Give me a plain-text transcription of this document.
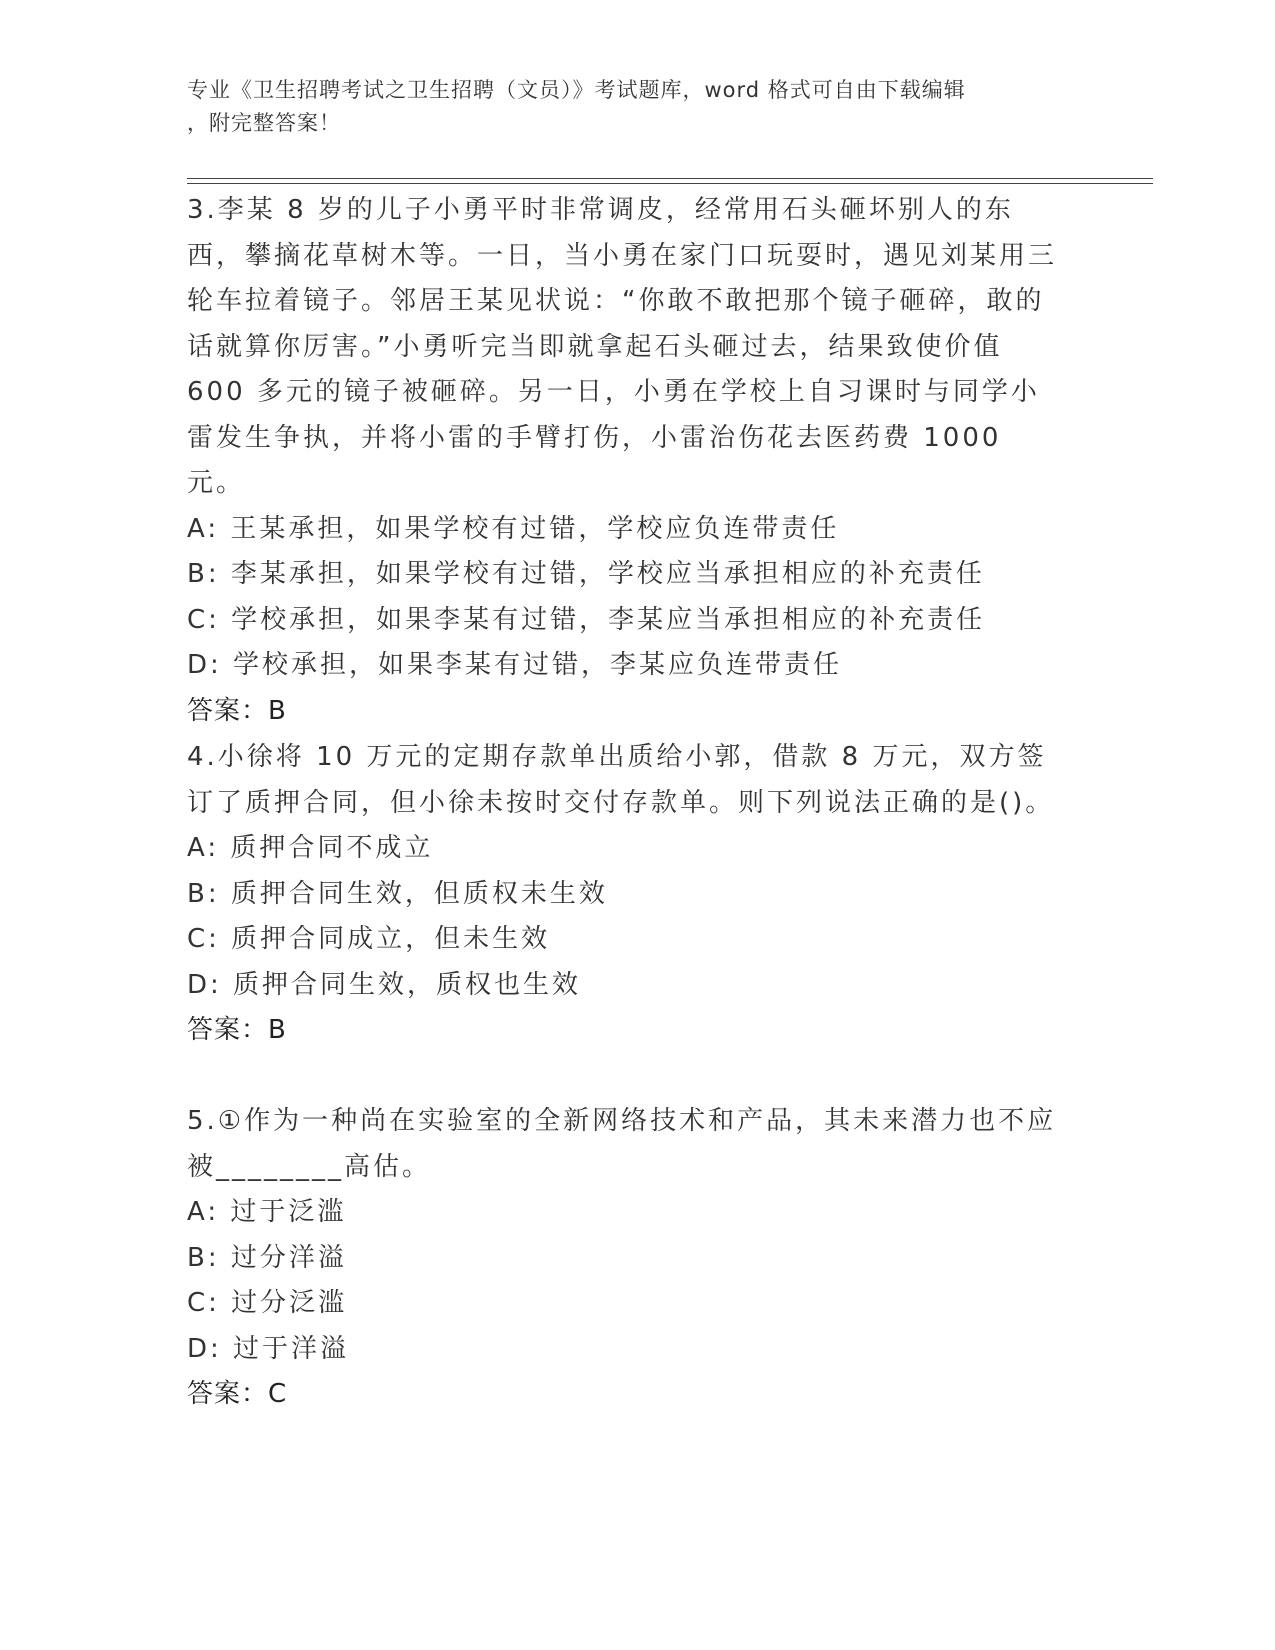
专业《卫生招聘考试之卫生招聘（文员）》考试题库，word 格式可自由下载编辑
，附完整答案！
3.李某 8 岁的儿子小勇平时非常调皮，经常用石头砸坏别人的东西，攀摘花草树木等。一日，当小勇在家门口玩耍时，遇见刘某用三轮车拉着镜子。邻居王某见状说：“你敢不敢把那个镜子砸碎，敢的话就算你厉害。”小勇听完当即就拿起石头砸过去，结果致使价值 600 多元的镜子被砸碎。另一日，小勇在学校上自习课时与同学小雷发生争执，并将小雷的手臂打伤，小雷治伤花去医药费 1000 元。
A: 王某承担，如果学校有过错，学校应负连带责任
B: 李某承担，如果学校有过错，学校应当承担相应的补充责任
C: 学校承担，如果李某有过错，李某应当承担相应的补充责任
D: 学校承担，如果李某有过错，李某应负连带责任
答案：B
4.小徐将 10 万元的定期存款单出质给小郭，借款 8 万元，双方签订了质押合同，但小徐未按时交付存款单。则下列说法正确的是()。
A: 质押合同不成立
B: 质押合同生效，但质权未生效
C: 质押合同成立，但未生效
D: 质押合同生效，质权也生效
答案：B
5.①作为一种尚在实验室的全新网络技术和产品，其未来潜力也不应被________高估。
A: 过于泛滥
B: 过分洋溢
C: 过分泛滥
D: 过于洋溢
答案：C
